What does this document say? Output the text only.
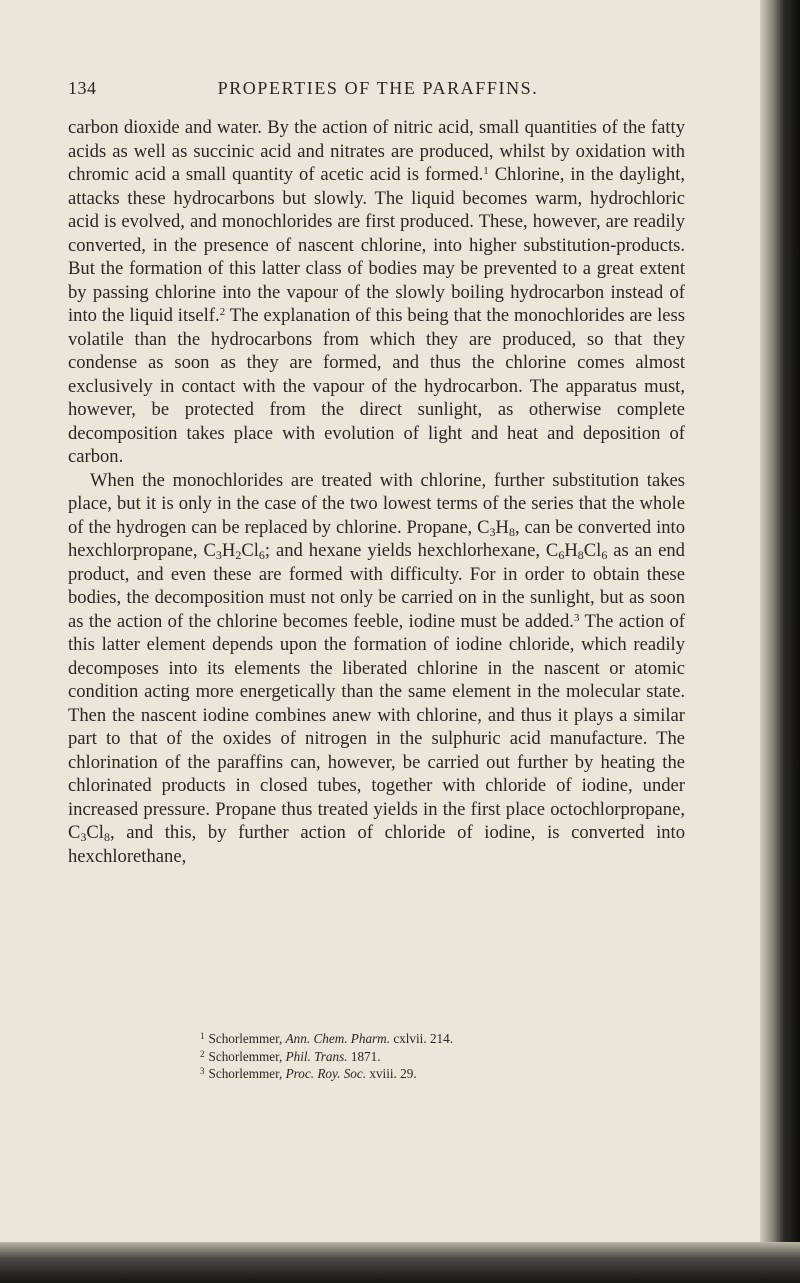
134	PROPERTIES OF THE PARAFFINS.

carbon dioxide and water. By the action of nitric acid, small quantities of the fatty acids as well as succinic acid and nitrates are produced, whilst by oxidation with chromic acid a small quantity of acetic acid is formed.$^1$ Chlorine, in the daylight, attacks these hydrocarbons but slowly. The liquid becomes warm, hydrochloric acid is evolved, and monochlorides are first produced. These, however, are readily converted, in the presence of nascent chlorine, into higher substitution-products. But the formation of this latter class of bodies may be prevented to a great extent by passing chlorine into the vapour of the slowly boiling hydrocarbon instead of into the liquid itself.$^2$ The explanation of this being that the monochlorides are less volatile than the hydrocarbons from which they are produced, so that they condense as soon as they are formed, and thus the chlorine comes almost exclusively in contact with the vapour of the hydrocarbon. The apparatus must, however, be protected from the direct sunlight, as otherwise complete decomposition takes place with evolution of light and heat and deposition of carbon.

When the monochlorides are treated with chlorine, further substitution takes place, but it is only in the case of the two lowest terms of the series that the whole of the hydrogen can be replaced by chlorine. Propane, $C_3H_8$, can be converted into hexchlorpropane, $C_3H_2Cl_6$; and hexane yields hexchlorhexane, $C_6H_8Cl_6$ as an end product, and even these are formed with difficulty. For in order to obtain these bodies, the decomposition must not only be carried on in the sunlight, but as soon as the action of the chlorine becomes feeble, iodine must be added.$^3$ The action of this latter element depends upon the formation of iodine chloride, which readily decomposes into its elements the liberated chlorine in the nascent or atomic condition acting more energetically than the same element in the molecular state. Then the nascent iodine combines anew with chlorine, and thus it plays a similar part to that of the oxides of nitrogen in the sulphuric acid manufacture. The chlorination of the paraffins can, however, be carried out further by heating the chlorinated products in closed tubes, together with chloride of iodine, under increased pressure. Propane thus treated yields in the first place octochlorpropane, $C_3Cl_8$, and this, by further action of chloride of iodine, is converted into hexchlorethane,

$^1$ Schorlemmer, Ann. Chem. Pharm. cxlvii. 214.
$^2$ Schorlemmer, Phil. Trans. 1871.
$^3$ Schorlemmer, Proc. Roy. Soc. xviii. 29.
